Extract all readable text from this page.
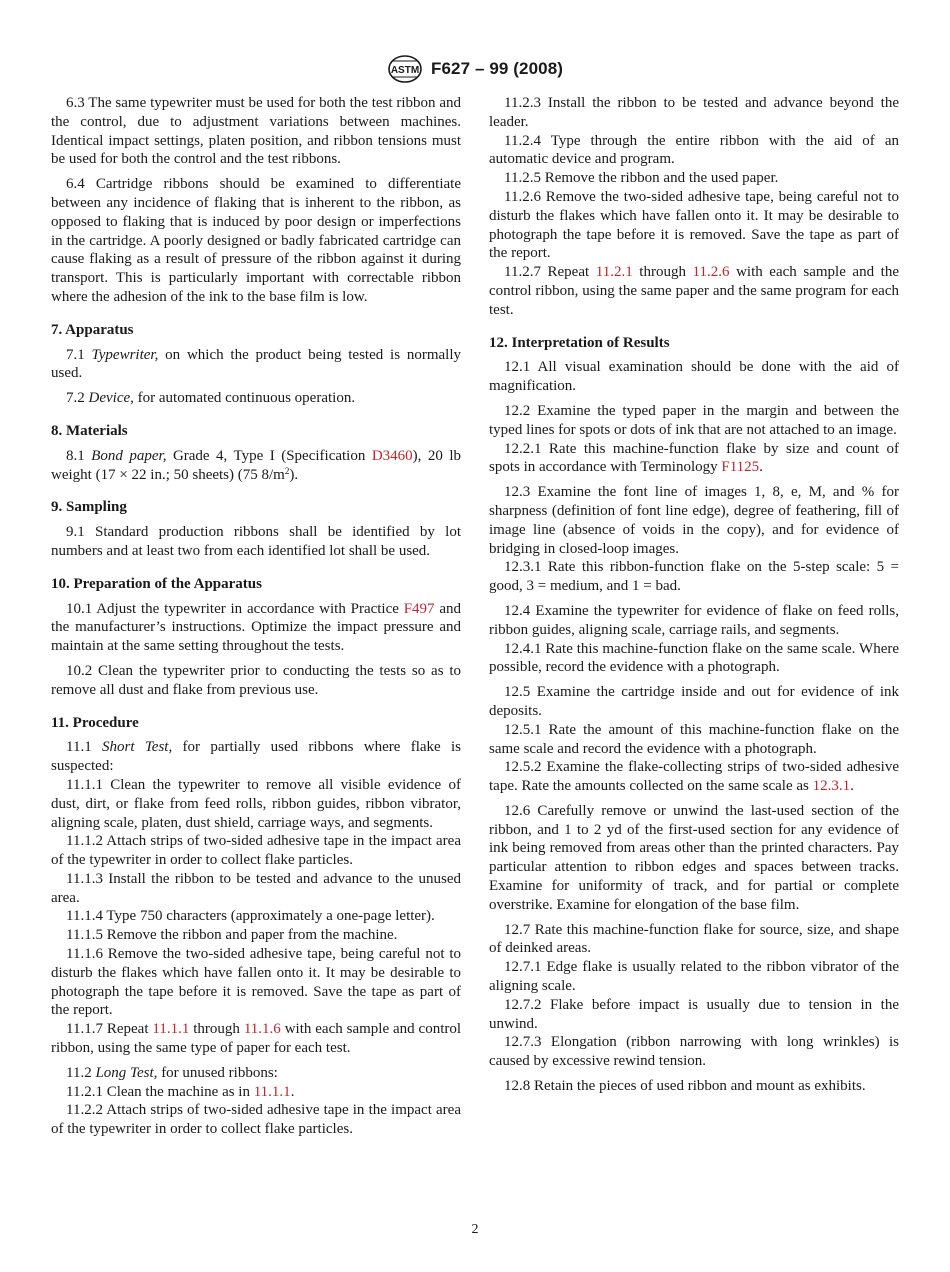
ASTM F627 – 99 (2008)

6.3 The same typewriter must be used for both the test ribbon and the control, due to adjustment variations between machines. Identical impact settings, platen position, and ribbon tensions must be used for both the control and the test ribbons.

6.4 Cartridge ribbons should be examined to differentiate between any incidence of flaking that is inherent to the ribbon, as opposed to flaking that is induced by poor design or imperfections in the cartridge. A poorly designed or badly fabricated cartridge can cause flaking as a result of pressure of the ribbon against it during transport. This is particularly important with correctable ribbon where the adhesion of the ink to the base film is low.

7. Apparatus

7.1 Typewriter, on which the product being tested is normally used.

7.2 Device, for automated continuous operation.

8. Materials

8.1 Bond paper, Grade 4, Type I (Specification D3460), 20 lb weight (17 × 22 in.; 50 sheets) (75 $8/m^2$).

9. Sampling

9.1 Standard production ribbons shall be identified by lot numbers and at least two from each identified lot shall be used.

10. Preparation of the Apparatus

10.1 Adjust the typewriter in accordance with Practice F497 and the manufacturer’s instructions. Optimize the impact pressure and maintain at the same setting throughout the tests.

10.2 Clean the typewriter prior to conducting the tests so as to remove all dust and flake from previous use.

11. Procedure

11.1 Short Test, for partially used ribbons where flake is suspected:

11.1.1 Clean the typewriter to remove all visible evidence of dust, dirt, or flake from feed rolls, ribbon guides, ribbon vibrator, aligning scale, platen, dust shield, carriage ways, and segments.

11.1.2 Attach strips of two-sided adhesive tape in the impact area of the typewriter in order to collect flake particles.

11.1.3 Install the ribbon to be tested and advance to the unused area.

11.1.4 Type 750 characters (approximately a one-page letter).

11.1.5 Remove the ribbon and paper from the machine.

11.1.6 Remove the two-sided adhesive tape, being careful not to disturb the flakes which have fallen onto it. It may be desirable to photograph the tape before it is removed. Save the tape as part of the report.

11.1.7 Repeat 11.1.1 through 11.1.6 with each sample and control ribbon, using the same type of paper for each test.

11.2 Long Test, for unused ribbons:

11.2.1 Clean the machine as in 11.1.1.

11.2.2 Attach strips of two-sided adhesive tape in the impact area of the typewriter in order to collect flake particles.

11.2.3 Install the ribbon to be tested and advance beyond the leader.

11.2.4 Type through the entire ribbon with the aid of an automatic device and program.

11.2.5 Remove the ribbon and the used paper.

11.2.6 Remove the two-sided adhesive tape, being careful not to disturb the flakes which have fallen onto it. It may be desirable to photograph the tape before it is removed. Save the tape as part of the report.

11.2.7 Repeat 11.2.1 through 11.2.6 with each sample and the control ribbon, using the same paper and the same program for each test.

12. Interpretation of Results

12.1 All visual examination should be done with the aid of magnification.

12.2 Examine the typed paper in the margin and between the typed lines for spots or dots of ink that are not attached to an image.

12.2.1 Rate this machine-function flake by size and count of spots in accordance with Terminology F1125.

12.3 Examine the font line of images 1, 8, e, M, and % for sharpness (definition of font line edge), degree of feathering, fill of image line (absence of voids in the copy), and for evidence of bridging in closed-loop images.

12.3.1 Rate this ribbon-function flake on the 5-step scale: 5 = good, 3 = medium, and 1 = bad.

12.4 Examine the typewriter for evidence of flake on feed rolls, ribbon guides, aligning scale, carriage rails, and segments.

12.4.1 Rate this machine-function flake on the same scale. Where possible, record the evidence with a photograph.

12.5 Examine the cartridge inside and out for evidence of ink deposits.

12.5.1 Rate the amount of this machine-function flake on the same scale and record the evidence with a photograph.

12.5.2 Examine the flake-collecting strips of two-sided adhesive tape. Rate the amounts collected on the same scale as 12.3.1.

12.6 Carefully remove or unwind the last-used section of the ribbon, and 1 to 2 yd of the first-used section for any evidence of ink being removed from areas other than the printed characters. Pay particular attention to ribbon edges and spaces between tracks. Examine for uniformity of track, and for partial or complete overstrike. Examine for elongation of the base film.

12.7 Rate this machine-function flake for source, size, and shape of deinked areas.

12.7.1 Edge flake is usually related to the ribbon vibrator of the aligning scale.

12.7.2 Flake before impact is usually due to tension in the unwind.

12.7.3 Elongation (ribbon narrowing with long wrinkles) is caused by excessive rewind tension.

12.8 Retain the pieces of used ribbon and mount as exhibits.

2
